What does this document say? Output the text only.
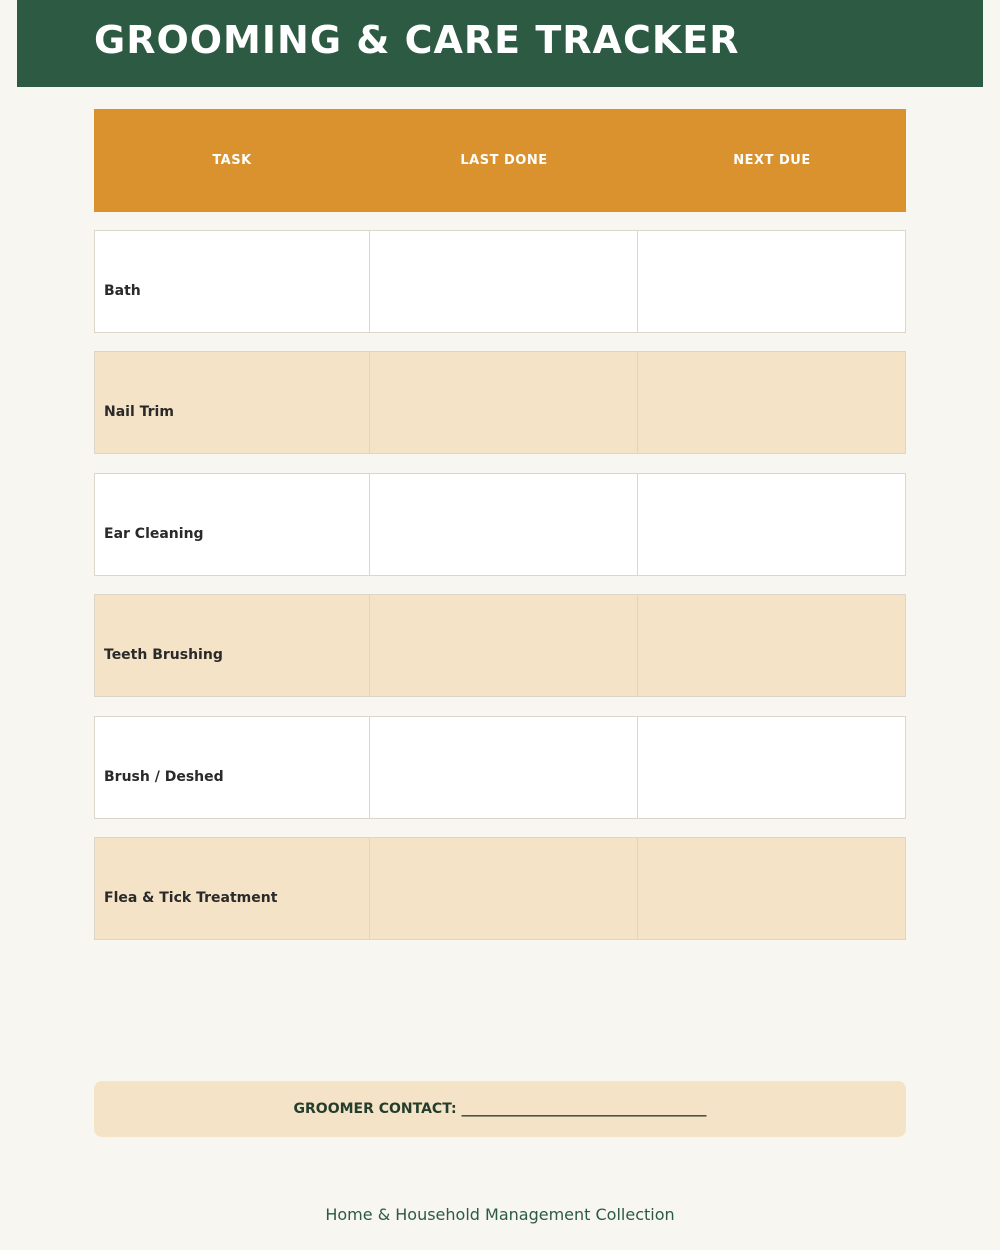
GROOMING & CARE TRACKER
TASK	LAST DONE	NEXT DUE
Bath
Nail Trim
Ear Cleaning
Teeth Brushing
Brush / Deshed
Flea & Tick Treatment
GROOMER CONTACT: ___________________________________
Home & Household Management Collection
